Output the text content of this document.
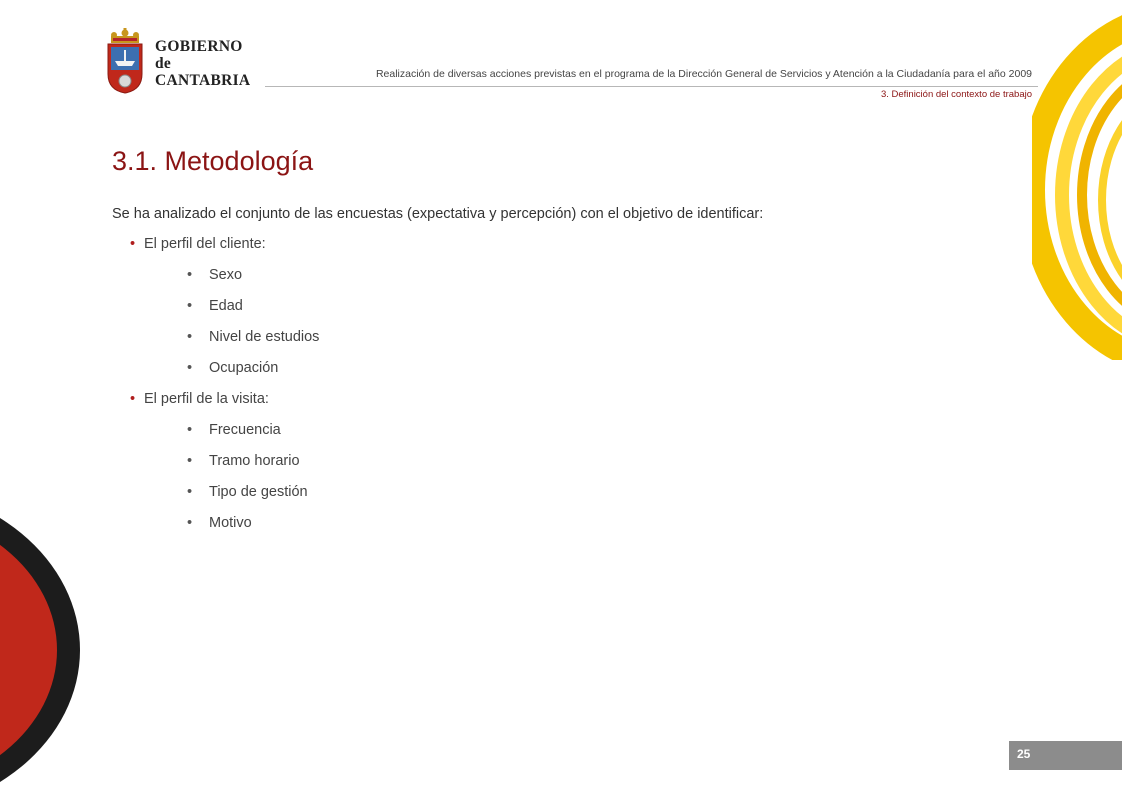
GOBIERNO
de
CANTABRIA	Realización de diversas acciones previstas en el programa de la Dirección General de Servicios y Atención a la Ciudadanía para el año 2009
3. Definición del contexto de trabajo
3.1. Metodología
Se ha analizado el conjunto de las encuestas (expectativa y percepción) con el objetivo de identificar:
• El perfil del cliente:
• Sexo
• Edad
• Nivel de estudios
• Ocupación
• El perfil de la visita:
• Frecuencia
• Tramo horario
• Tipo de gestión
• Motivo
25
